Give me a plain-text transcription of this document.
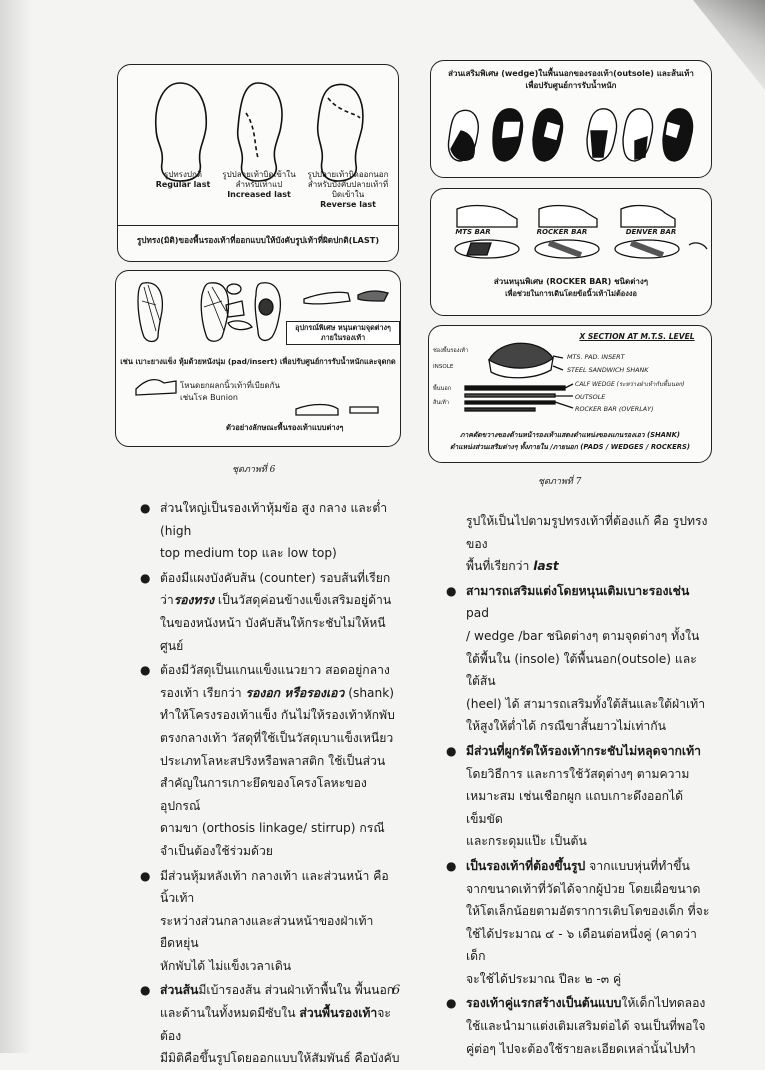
รูปทรงปกติ
Regular last
รูปปลายเท้าบิดเข้าใน
สำหรับเท้าแป
Increased last
รูปปลายเท้าบิดออกนอก
สำหรับบังคับปลายเท้าที่
บิดเข้าใน
Reverse last
รูปทรง(มิติ)ของพื้นรองเท้าที่ออกแบบให้บังคับรูปเท้าที่ผิดปกติ(LAST)
อุปกรณ์พิเศษ หนุนตามจุดต่างๆ
ภายในรองเท้า
เช่น เบาะยางแข็ง หุ้มด้วยหนังนุ่ม (pad/insert) เพื่อปรับศูนย์การรับน้ำหนักและจุดกด
โหนดยกผลกนิ้วเท้าที่เบียดกัน
เช่นโรค Bunion
ตัวอย่างลักษณะพื้นรองเท้าแบบต่างๆ
ชุดภาพที่ 6
ส่วนเสริมพิเศษ (wedge)ในพื้นนอกของรองเท้า(outsole) และส้นเท้า
เพื่อปรับศูนย์การรับน้ำหนัก
MTS BAR	ROCKER BAR	DENVER BAR
ส่วนหนุนพิเศษ (ROCKER BAR) ชนิดต่างๆ
เพื่อช่วยในการเดินโดยข้อนิ้วเท้าไม่ต้องงอ
X SECTION AT M.T.S. LEVEL
MTS. PAD. INSERT
STEEL SANDWICH SHANK
CALF WEDGE (ระหว่างฝ่าเท้ากับพื้นนอก)
OUTSOLE
ROCKER BAR (OVERLAY)
ช่องพื้นรองเท้า
INSOLE
พื้นนอก
ส้นเท้า
ภาคตัดขวางของด้านหน้ารองเท้าแสดงตำแหน่งของแกนรองเอว (SHANK)
ตำแหน่งส่วนเสริมต่างๆ ทั้งภายใน /ภายนอก (PADS / WEDGES / ROCKERS)
ชุดภาพที่ 7
● ส่วนใหญ่เป็นรองเท้าหุ้มข้อ สูง กลาง และต่ำ (high

top medium top และ low top)

● ต้องมีแผงบังคับส้น (counter) รอบส้นที่เรียก

ว่ารองทรง เป็นวัสดุค่อนข้างแข็งเสริมอยู่ด้าน

ในของหนังหน้า บังคับส้นให้กระชับไม่ให้หนีศูนย์

● ต้องมีวัสดุเป็นแกนแข็งแนวยาว สอดอยู่กลาง

รองเท้า เรียกว่า รองอก หรือรองเอว (shank)

ทำให้โครงรองเท้าแข็ง กันไม่ให้รองเท้าหักพับ

ตรงกลางเท้า วัสดุที่ใช้เป็นวัสดุเบาแข็งเหนียว

ประเภทโลหะสปริงหรือพลาสติก ใช้เป็นส่วน

สำคัญในการเกาะยึดของโครงโลหะของอุปกรณ์

ดามขา (orthosis linkage/ stirrup) กรณี

จำเป็นต้องใช้ร่วมด้วย

● มีส่วนหุ้มหลังเท้า กลางเท้า และส่วนหน้า คือนิ้วเท้า

ระหว่างส่วนกลางและส่วนหน้าของฝ่าเท้ายืดหยุ่น

หักพับได้ ไม่แข็งเวลาเดิน

● ส่วนส้นมีเบ้ารองส้น ส่วนฝ่าเท้าพื้นใน พื้นนอก

และด้านในทั้งหมดมีซับใน ส่วนพื้นรองเท้าจะต้อง

มีมิติคือขึ้นรูปโดยออกแบบให้สัมพันธ์ คือบังคับ

รูปให้เป็นไปตามรูปทรงเท้าที่ต้องแก้ คือ รูปทรงของ

พื้นที่เรียกว่า last

● สามารถเสริมแต่งโดยหนุนเติมเบาะรองเช่น pad

/ wedge /bar ชนิดต่างๆ ตามจุดต่างๆ ทั้งใน

ใต้พื้นใน (insole) ใต้พื้นนอก(outsole) และ ใต้ส้น

(heel) ได้ สามารถเสริมทั้งใต้ส้นและใต้ฝ่าเท้า

ให้สูงให้ต่ำได้ กรณีขาสั้นยาวไม่เท่ากัน

● มีส่วนที่ผูกรัดให้รองเท้ากระชับไม่หลุดจากเท้า

โดยวิธีการ และการใช้วัสดุต่างๆ ตามความ

เหมาะสม เช่นเชือกผูก แถบเกาะดึงออกได้ เข็มขัด

และกระดุมแป๊ะ เป็นต้น

● เป็นรองเท้าที่ต้องขึ้นรูป จากแบบหุ่นที่ทำขึ้น

จากขนาดเท้าที่วัดได้จากผู้ป่วย โดยเผื่อขนาด

ให้โตเล็กน้อยตามอัตราการเติบโตของเด็ก ที่จะ

ใช้ได้ประมาณ ๔ - ๖ เดือนต่อหนึ่งคู่ (คาดว่าเด็ก

จะใช้ได้ประมาณ ปีละ ๒ -๓ คู่

● รองเท้าคู่แรกสร้างเป็นต้นแบบให้เด็กไปทดลอง

ใช้และนำมาแต่งเติมเสริมต่อได้ จนเป็นที่พอใจ

คู่ต่อๆ ไปจะต้องใช้รายละเอียดเหล่านั้นไปทำ

6
